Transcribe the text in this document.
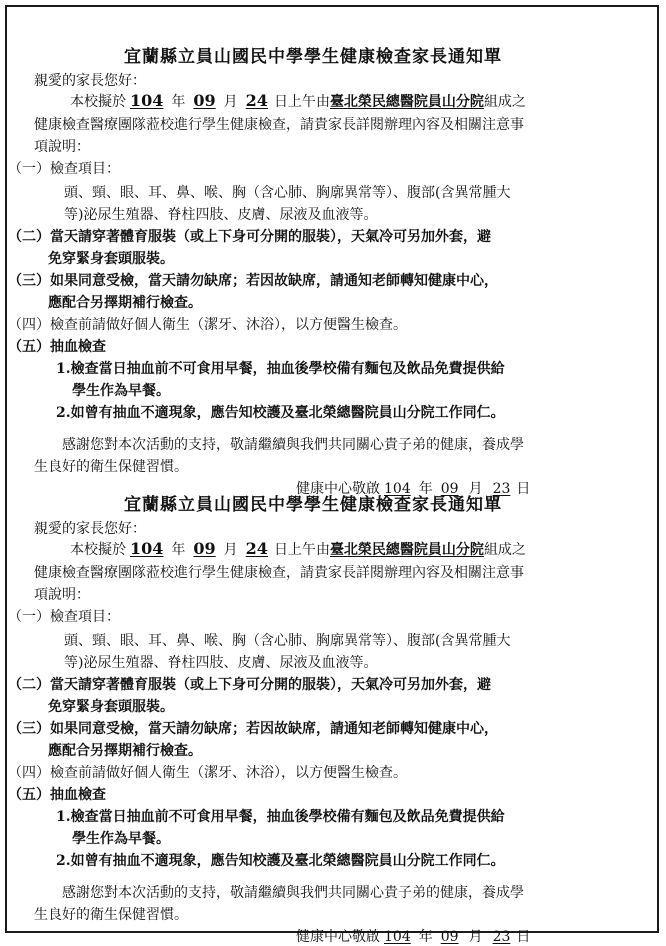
宜蘭縣立員山國民中學學生健康檢查家長通知單
親愛的家長您好：
本校擬於 104 年 09 月 24 日上午由臺北榮民總醫院員山分院組成之
健康檢查醫療團隊蒞校進行學生健康檢查，請貴家長詳閱辦理內容及相關注意事
項說明：
（一）檢查項目：
頭、頸、眼、耳、鼻、喉、胸（含心肺、胸廓異常等）、腹部(含異常腫大
等)泌尿生殖器、脊柱四肢、皮膚、尿液及血液等。
（二）當天請穿著體育服裝（或上下身可分開的服裝），天氣冷可另加外套，避
免穿緊身套頭服裝。
（三）如果同意受檢，當天請勿缺席；若因故缺席，請通知老師轉知健康中心，
應配合另擇期補行檢查。
（四）檢查前請做好個人衛生（潔牙、沐浴），以方便醫生檢查。
（五）抽血檢查
1.檢查當日抽血前不可食用早餐，抽血後學校備有麵包及飲品免費提供給
學生作為早餐。
2.如曾有抽血不適現象，應告知校護及臺北榮總醫院員山分院工作同仁。
感謝您對本次活動的支持，敬請繼續與我們共同關心貴子弟的健康，養成學
生良好的衛生保健習慣。
健康中心敬啟 104 年 09 月 23 日
宜蘭縣立員山國民中學學生健康檢查家長通知單
親愛的家長您好：
本校擬於 104 年 09 月 24 日上午由臺北榮民總醫院員山分院組成之
健康檢查醫療團隊蒞校進行學生健康檢查，請貴家長詳閱辦理內容及相關注意事
項說明：
（一）檢查項目：
頭、頸、眼、耳、鼻、喉、胸（含心肺、胸廓異常等）、腹部(含異常腫大
等)泌尿生殖器、脊柱四肢、皮膚、尿液及血液等。
（二）當天請穿著體育服裝（或上下身可分開的服裝），天氣冷可另加外套，避
免穿緊身套頭服裝。
（三）如果同意受檢，當天請勿缺席；若因故缺席，請通知老師轉知健康中心，
應配合另擇期補行檢查。
（四）檢查前請做好個人衛生（潔牙、沐浴），以方便醫生檢查。
（五）抽血檢查
1.檢查當日抽血前不可食用早餐，抽血後學校備有麵包及飲品免費提供給
學生作為早餐。
2.如曾有抽血不適現象，應告知校護及臺北榮總醫院員山分院工作同仁。
感謝您對本次活動的支持，敬請繼續與我們共同關心貴子弟的健康，養成學
生良好的衛生保健習慣。
健康中心敬啟 104 年 09 月 23 日
